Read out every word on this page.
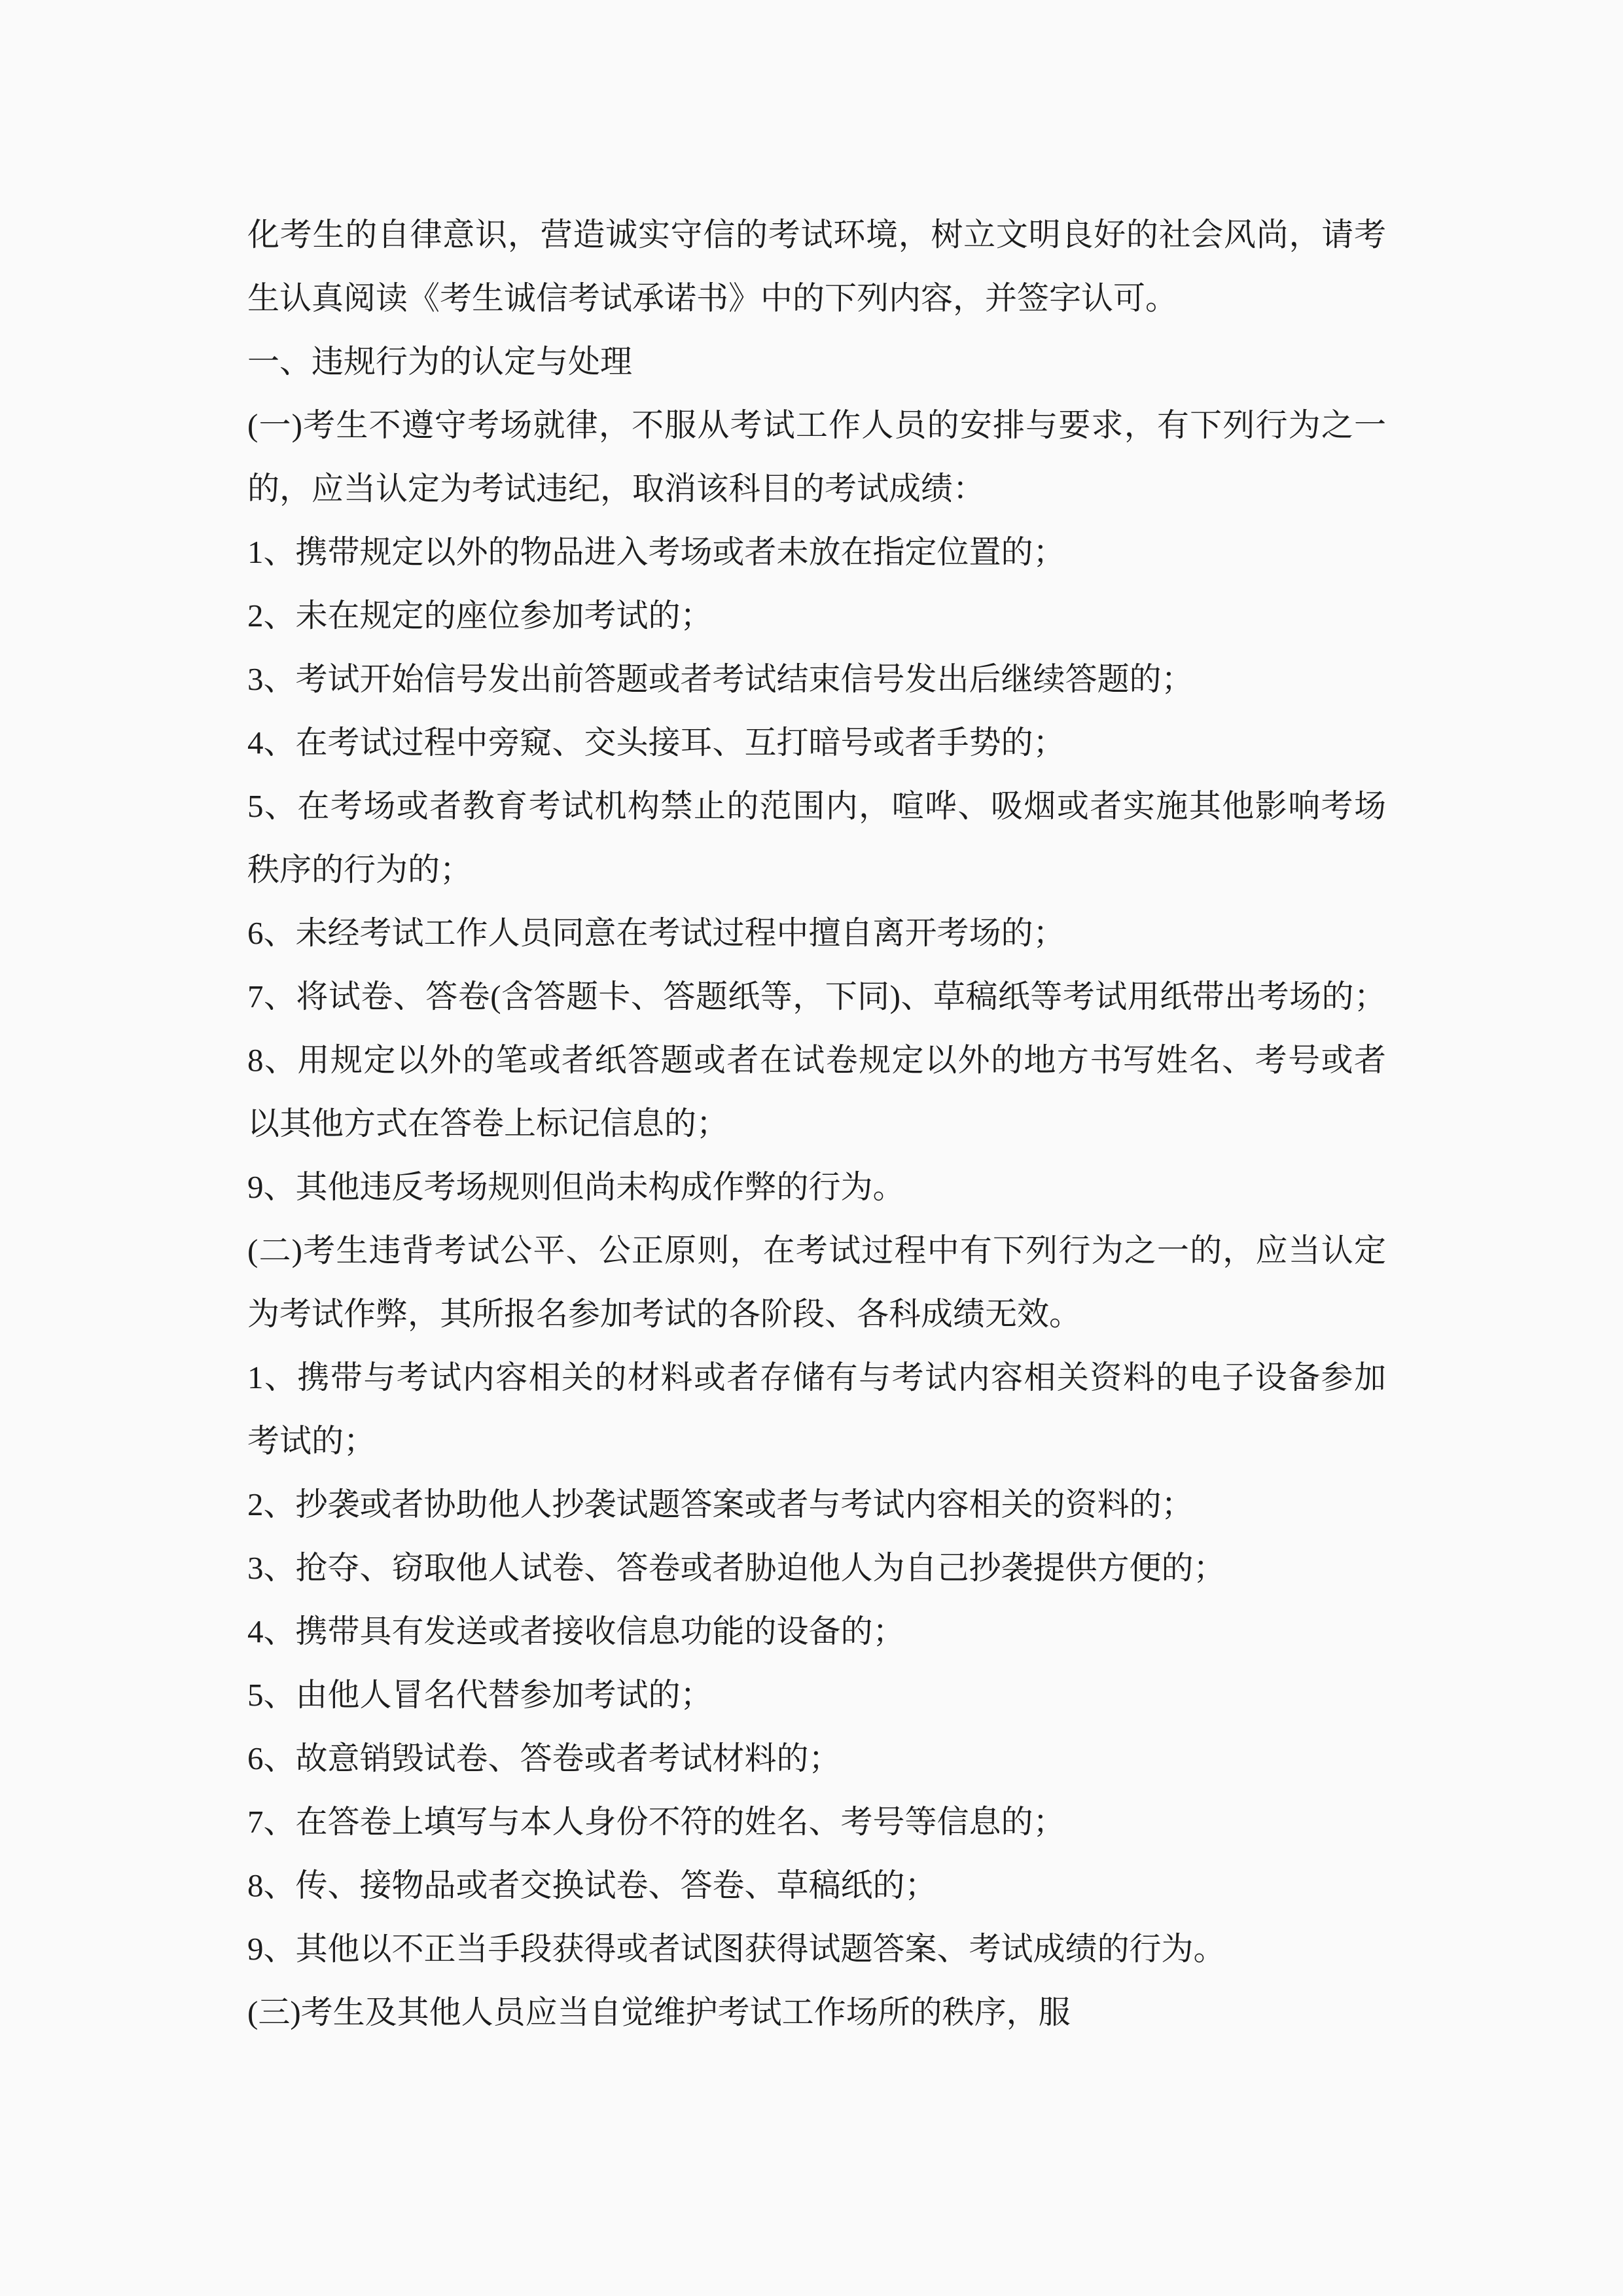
化考生的自律意识，营造诚实守信的考试环境，树立文明良好的社会风尚，请考
生认真阅读《考生诚信考试承诺书》中的下列内容，并签字认可。
一、违规行为的认定与处理
(一)考生不遵守考场就律，不服从考试工作人员的安排与要求，有下列行为之一
的，应当认定为考试违纪，取消该科目的考试成绩：
1、携带规定以外的物品进入考场或者未放在指定位置的；
2、未在规定的座位参加考试的；
3、考试开始信号发出前答题或者考试结束信号发出后继续答题的；
4、在考试过程中旁窥、交头接耳、互打暗号或者手势的；
5、在考场或者教育考试机构禁止的范围内，喧哗、吸烟或者实施其他影响考场
秩序的行为的；
6、未经考试工作人员同意在考试过程中擅自离开考场的；
7、将试卷、答卷(含答题卡、答题纸等，下同)、草稿纸等考试用纸带出考场的；
8、用规定以外的笔或者纸答题或者在试卷规定以外的地方书写姓名、考号或者
以其他方式在答卷上标记信息的；
9、其他违反考场规则但尚未构成作弊的行为。
(二)考生违背考试公平、公正原则，在考试过程中有下列行为之一的，应当认定
为考试作弊，其所报名参加考试的各阶段、各科成绩无效。
1、携带与考试内容相关的材料或者存储有与考试内容相关资料的电子设备参加
考试的；
2、抄袭或者协助他人抄袭试题答案或者与考试内容相关的资料的；
3、抢夺、窃取他人试卷、答卷或者胁迫他人为自己抄袭提供方便的；
4、携带具有发送或者接收信息功能的设备的；
5、由他人冒名代替参加考试的；
6、故意销毁试卷、答卷或者考试材料的；
7、在答卷上填写与本人身份不符的姓名、考号等信息的；
8、传、接物品或者交换试卷、答卷、草稿纸的；
9、其他以不正当手段获得或者试图获得试题答案、考试成绩的行为。
(三)考生及其他人员应当自觉维护考试工作场所的秩序，服
